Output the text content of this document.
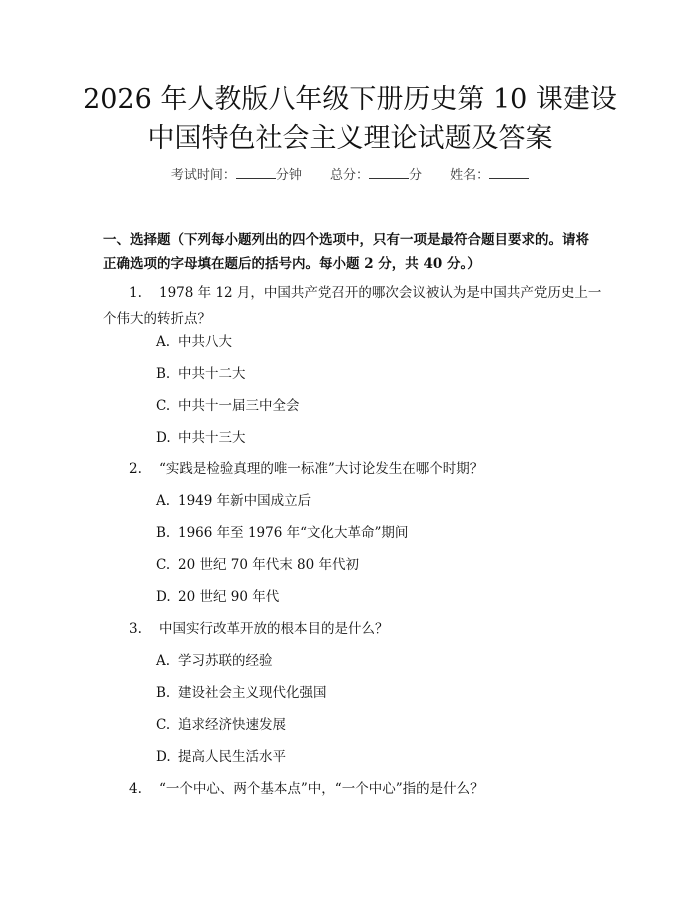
2026 年人教版八年级下册历史第 10 课建设
中国特色社会主义理论试题及答案
考试时间：	分钟 总分：	分 姓名：
一、选择题（下列每小题列出的四个选项中，只有一项是最符合题目要求的。请将正确选项的字母填在题后的括号内。每小题 2 分，共 40 分。）
1. 1978 年 12 月，中国共产党召开的哪次会议被认为是中国共产党历史上一个伟大的转折点？
A. 中共八大
B. 中共十二大
C. 中共十一届三中全会
D. 中共十三大
2. “实践是检验真理的唯一标准”大讨论发生在哪个时期？
A. 1949 年新中国成立后
B. 1966 年至 1976 年“文化大革命”期间
C. 20 世纪 70 年代末 80 年代初
D. 20 世纪 90 年代
3. 中国实行改革开放的根本目的是什么？
A. 学习苏联的经验
B. 建设社会主义现代化强国
C. 追求经济快速发展
D. 提高人民生活水平
4. “一个中心、两个基本点”中，“一个中心”指的是什么？
